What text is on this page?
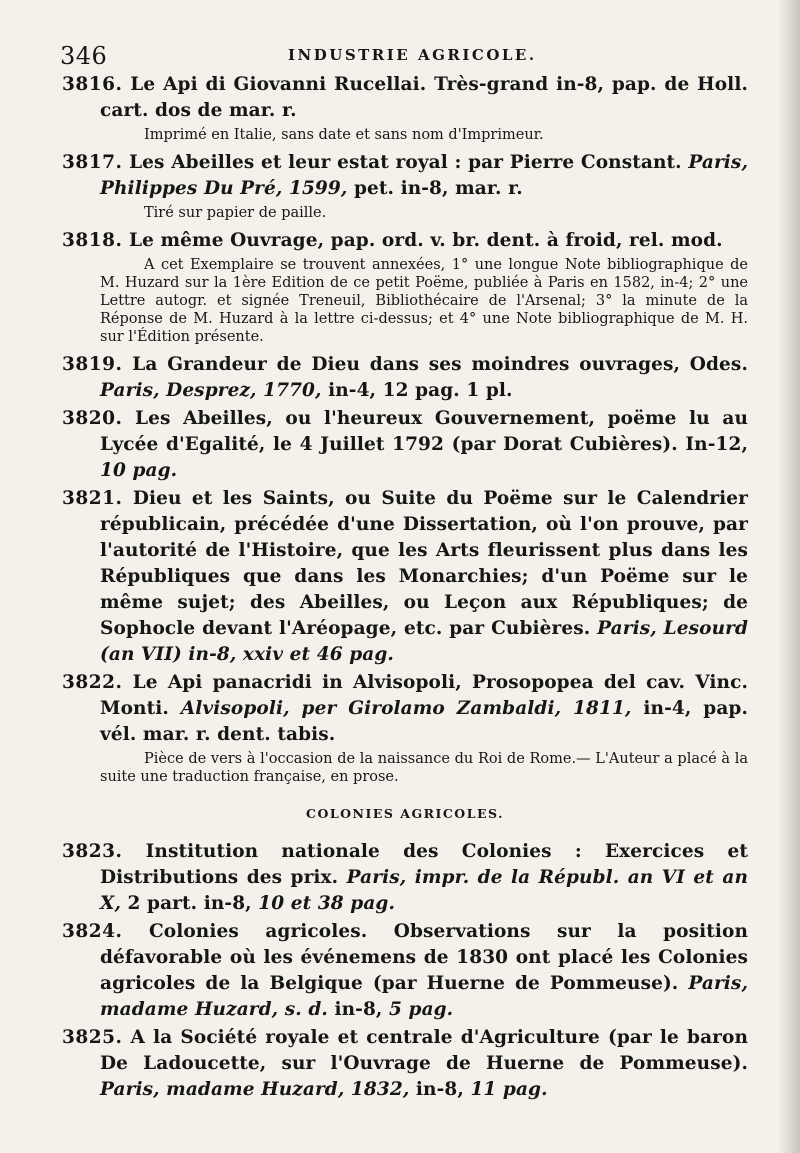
346	INDUSTRIE AGRICOLE.
3816. Le Api di Giovanni Rucellai. Très-grand in-8, pap. de Holl. cart. dos de mar. r.
Imprimé en Italie, sans date et sans nom d'Imprimeur.
3817. Les Abeilles et leur estat royal : par Pierre Constant. Paris, Philippes Du Pré, 1599, pet. in-8, mar. r.
Tiré sur papier de paille.
3818. Le même Ouvrage, pap. ord. v. br. dent. à froid, rel. mod.
A cet Exemplaire se trouvent annexées, 1° une longue Note bibliographique de M. Huzard sur la 1ère Edition de ce petit Poëme, publiée à Paris en 1582, in-4; 2° une Lettre autogr. et signée Treneuil, Bibliothécaire de l'Arsenal; 3° la minute de la Réponse de M. Huzard à la lettre ci-dessus; et 4° une Note bibliographique de M. H. sur l'Édition présente.
3819. La Grandeur de Dieu dans ses moindres ouvrages, Odes. Paris, Desprez, 1770, in-4, 12 pag. 1 pl.
3820. Les Abeilles, ou l'heureux Gouvernement, poëme lu au Lycée d'Egalité, le 4 Juillet 1792 (par Dorat Cubières). In-12, 10 pag.
3821. Dieu et les Saints, ou Suite du Poëme sur le Calendrier républicain, précédée d'une Dissertation, où l'on prouve, par l'autorité de l'Histoire, que les Arts fleurissent plus dans les Républiques que dans les Monarchies; d'un Poëme sur le même sujet; des Abeilles, ou Leçon aux Républiques; de Sophocle devant l'Aréopage, etc. par Cubières. Paris, Lesourd (an VII) in-8, xxiv et 46 pag.
3822. Le Api panacridi in Alvisopoli, Prosopopea del cav. Vinc. Monti. Alvisopoli, per Girolamo Zambaldi, 1811, in-4, pap. vél. mar. r. dent. tabis.
Pièce de vers à l'occasion de la naissance du Roi de Rome.— L'Auteur a placé à la suite une traduction française, en prose.
COLONIES AGRICOLES.
3823. Institution nationale des Colonies : Exercices et Distributions des prix. Paris, impr. de la Républ. an VI et an X, 2 part. in-8, 10 et 38 pag.
3824. Colonies agricoles. Observations sur la position défavorable où les événemens de 1830 ont placé les Colonies agricoles de la Belgique (par Huerne de Pommeuse). Paris, madame Huzard, s. d. in-8, 5 pag.
3825. A la Société royale et centrale d'Agriculture (par le baron De Ladoucette, sur l'Ouvrage de Huerne de Pommeuse). Paris, madame Huzard, 1832, in-8, 11 pag.
